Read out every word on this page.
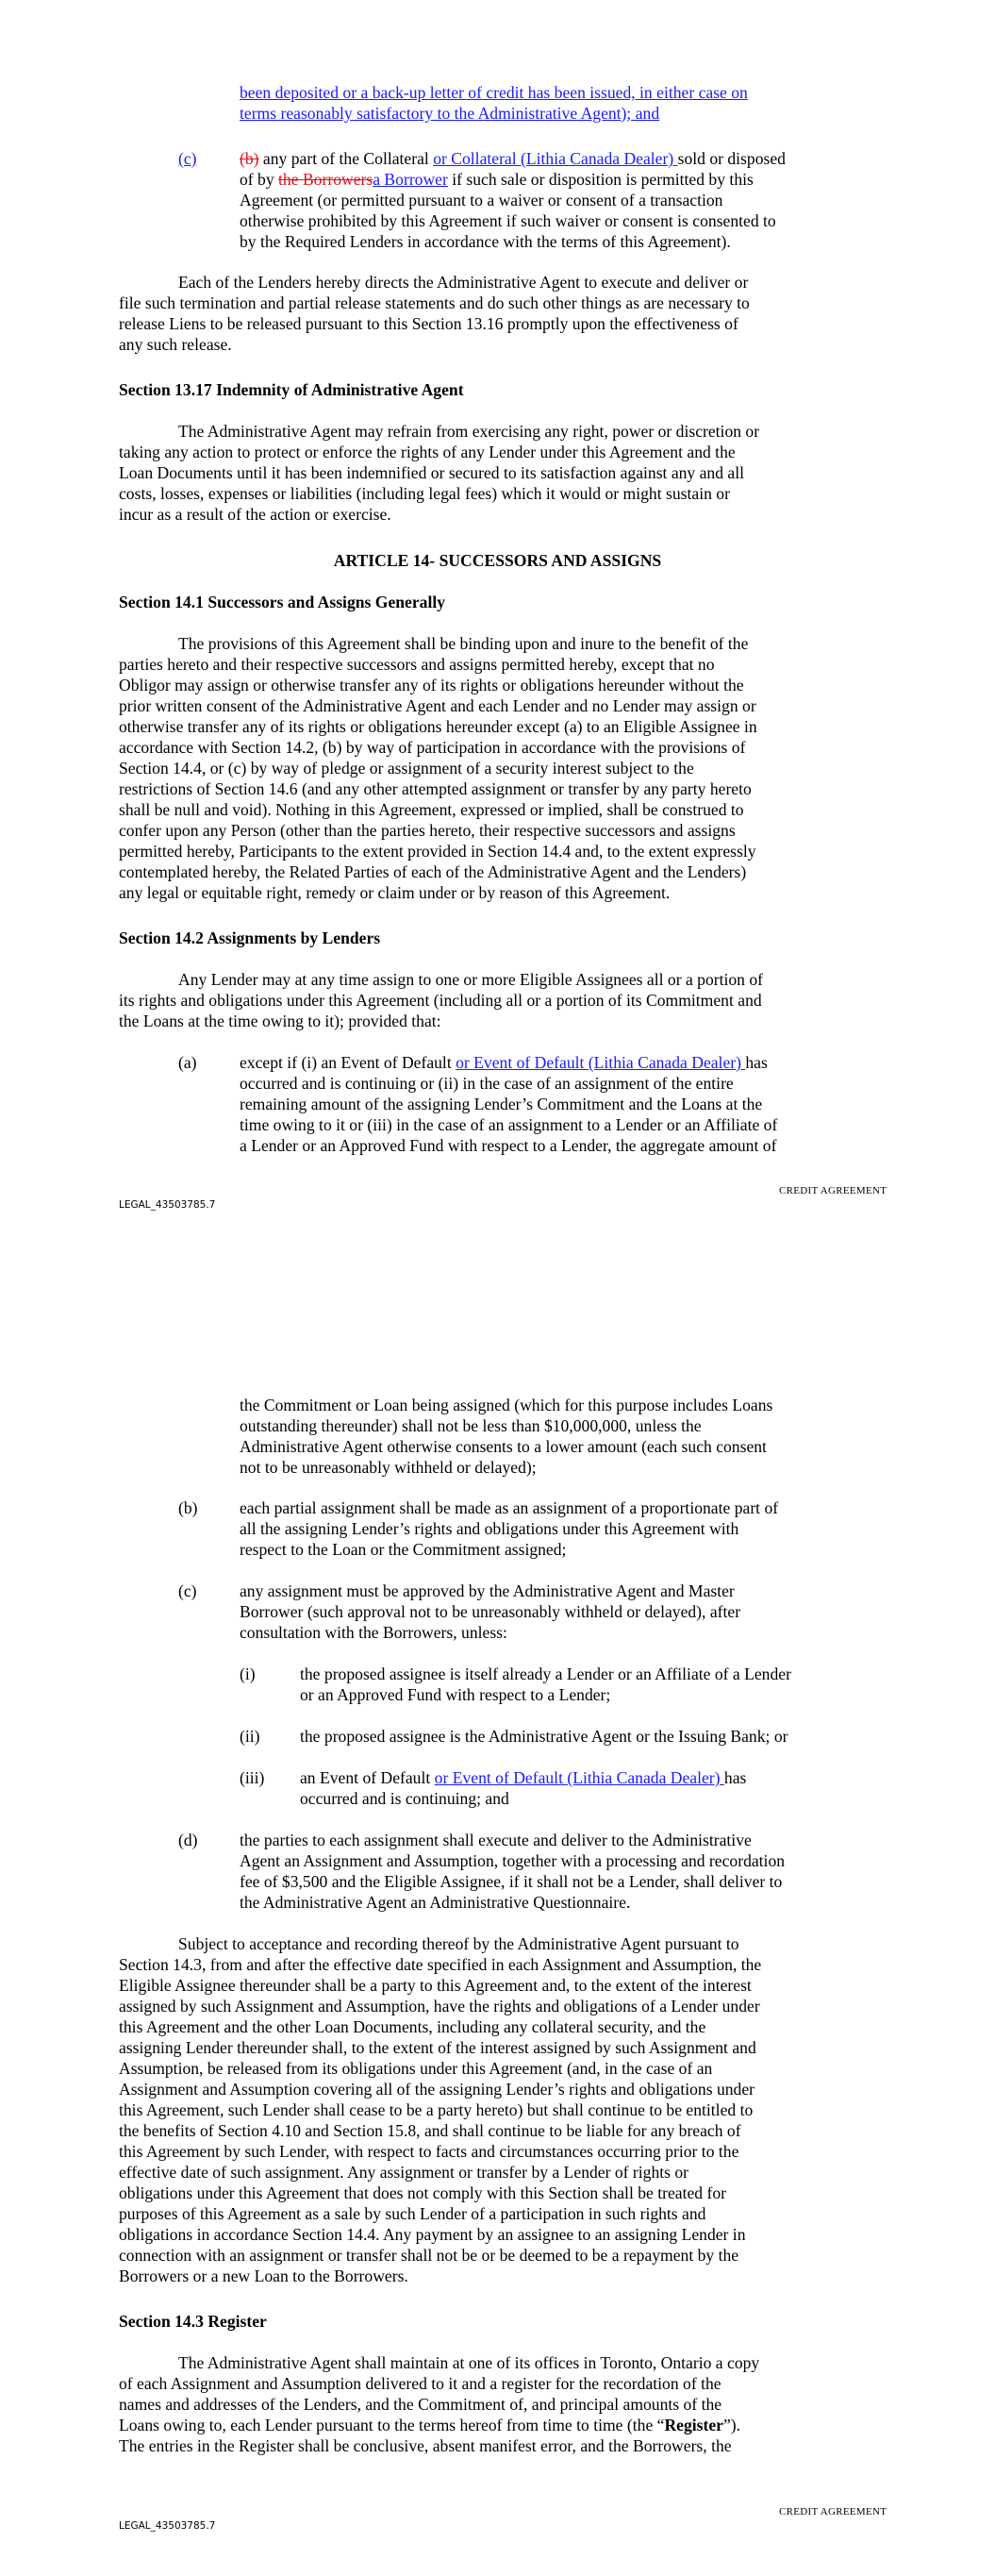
been deposited or a back-up letter of credit has been issued, in either case on

terms reasonably satisfactory to the Administrative Agent); and

(c)	(b) any part of the Collateral or Collateral (Lithia Canada Dealer) sold or disposed

of by the Borrowersa Borrower if such sale or disposition is permitted by this

Agreement (or permitted pursuant to a waiver or consent of a transaction

otherwise prohibited by this Agreement if such waiver or consent is consented to

by the Required Lenders in accordance with the terms of this Agreement).

Each of the Lenders hereby directs the Administrative Agent to execute and deliver or

file such termination and partial release statements and do such other things as are necessary to

release Liens to be released pursuant to this Section 13.16 promptly upon the effectiveness of

any such release.

Section 13.17 Indemnity of Administrative Agent

The Administrative Agent may refrain from exercising any right, power or discretion or

taking any action to protect or enforce the rights of any Lender under this Agreement and the

Loan Documents until it has been indemnified or secured to its satisfaction against any and all

costs, losses, expenses or liabilities (including legal fees) which it would or might sustain or

incur as a result of the action or exercise.

ARTICLE 14- SUCCESSORS AND ASSIGNS

Section 14.1 Successors and Assigns Generally

The provisions of this Agreement shall be binding upon and inure to the benefit of the

parties hereto and their respective successors and assigns permitted hereby, except that no

Obligor may assign or otherwise transfer any of its rights or obligations hereunder without the

prior written consent of the Administrative Agent and each Lender and no Lender may assign or

otherwise transfer any of its rights or obligations hereunder except (a) to an Eligible Assignee in

accordance with Section 14.2, (b) by way of participation in accordance with the provisions of

Section 14.4, or (c) by way of pledge or assignment of a security interest subject to the

restrictions of Section 14.6 (and any other attempted assignment or transfer by any party hereto

shall be null and void). Nothing in this Agreement, expressed or implied, shall be construed to

confer upon any Person (other than the parties hereto, their respective successors and assigns

permitted hereby, Participants to the extent provided in Section 14.4 and, to the extent expressly

contemplated hereby, the Related Parties of each of the Administrative Agent and the Lenders)

any legal or equitable right, remedy or claim under or by reason of this Agreement.

Section 14.2 Assignments by Lenders

Any Lender may at any time assign to one or more Eligible Assignees all or a portion of

its rights and obligations under this Agreement (including all or a portion of its Commitment and

the Loans at the time owing to it); provided that:

(a)	except if (i) an Event of Default or Event of Default (Lithia Canada Dealer) has

occurred and is continuing or (ii) in the case of an assignment of the entire

remaining amount of the assigning Lender’s Commitment and the Loans at the

time owing to it or (iii) in the case of an assignment to a Lender or an Affiliate of

a Lender or an Approved Fund with respect to a Lender, the aggregate amount of

CREDIT AGREEMENT
LEGAL_43503785.7

the Commitment or Loan being assigned (which for this purpose includes Loans

outstanding thereunder) shall not be less than $10,000,000, unless the

Administrative Agent otherwise consents to a lower amount (each such consent

not to be unreasonably withheld or delayed);

(b)	each partial assignment shall be made as an assignment of a proportionate part of

all the assigning Lender’s rights and obligations under this Agreement with

respect to the Loan or the Commitment assigned;

(c)	any assignment must be approved by the Administrative Agent and Master

Borrower (such approval not to be unreasonably withheld or delayed), after

consultation with the Borrowers, unless:

(i)	the proposed assignee is itself already a Lender or an Affiliate of a Lender

or an Approved Fund with respect to a Lender;

(ii) the proposed assignee is the Administrative Agent or the Issuing Bank; or

(iii) an Event of Default or Event of Default (Lithia Canada Dealer) has

occurred and is continuing; and

(d)	the parties to each assignment shall execute and deliver to the Administrative

Agent an Assignment and Assumption, together with a processing and recordation

fee of $3,500 and the Eligible Assignee, if it shall not be a Lender, shall deliver to

the Administrative Agent an Administrative Questionnaire.

Subject to acceptance and recording thereof by the Administrative Agent pursuant to

Section 14.3, from and after the effective date specified in each Assignment and Assumption, the

Eligible Assignee thereunder shall be a party to this Agreement and, to the extent of the interest

assigned by such Assignment and Assumption, have the rights and obligations of a Lender under

this Agreement and the other Loan Documents, including any collateral security, and the

assigning Lender thereunder shall, to the extent of the interest assigned by such Assignment and

Assumption, be released from its obligations under this Agreement (and, in the case of an

Assignment and Assumption covering all of the assigning Lender’s rights and obligations under

this Agreement, such Lender shall cease to be a party hereto) but shall continue to be entitled to

the benefits of Section 4.10 and Section 15.8, and shall continue to be liable for any breach of

this Agreement by such Lender, with respect to facts and circumstances occurring prior to the

effective date of such assignment. Any assignment or transfer by a Lender of rights or

obligations under this Agreement that does not comply with this Section shall be treated for

purposes of this Agreement as a sale by such Lender of a participation in such rights and

obligations in accordance Section 14.4. Any payment by an assignee to an assigning Lender in

connection with an assignment or transfer shall not be or be deemed to be a repayment by the

Borrowers or a new Loan to the Borrowers.

Section 14.3 Register

The Administrative Agent shall maintain at one of its offices in Toronto, Ontario a copy

of each Assignment and Assumption delivered to it and a register for the recordation of the

names and addresses of the Lenders, and the Commitment of, and principal amounts of the

Loans owing to, each Lender pursuant to the terms hereof from time to time (the “Register”).

The entries in the Register shall be conclusive, absent manifest error, and the Borrowers, the

CREDIT AGREEMENT
LEGAL_43503785.7
